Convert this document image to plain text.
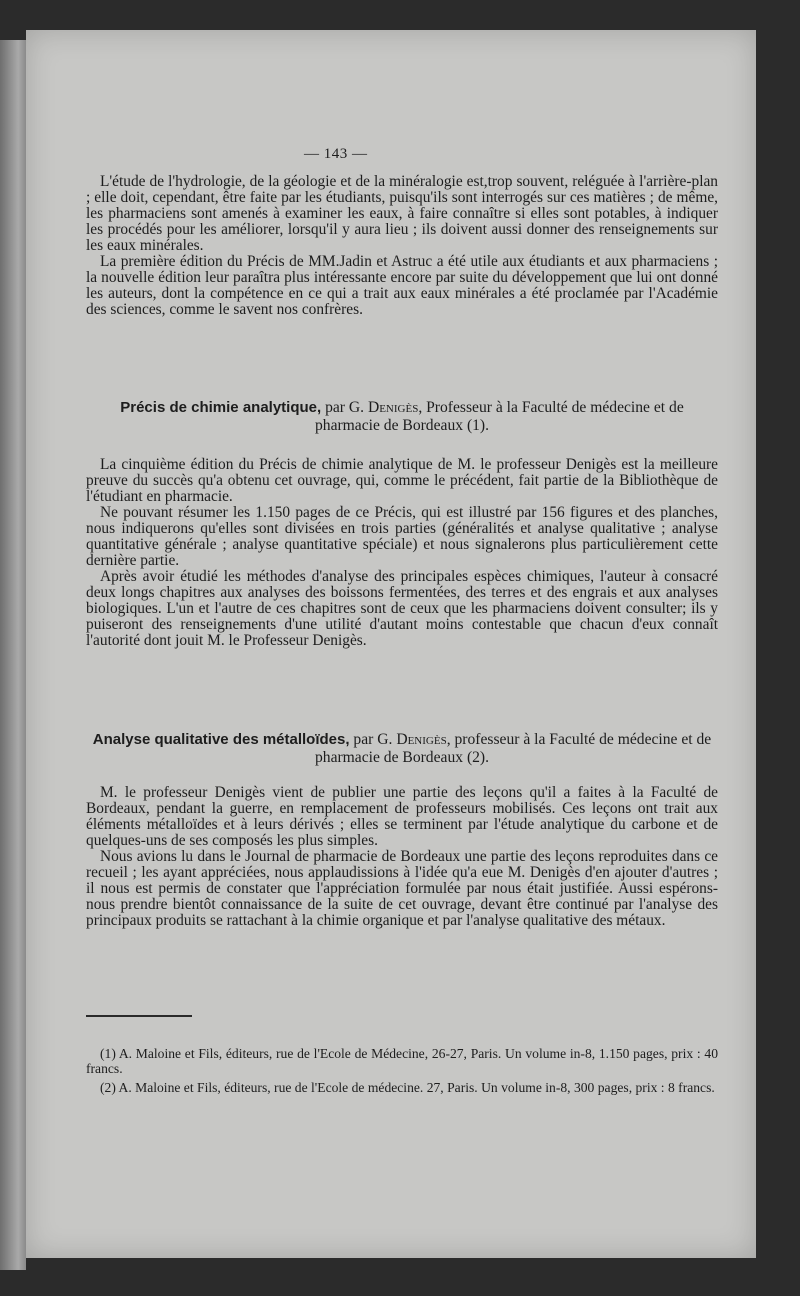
— 143 —

L'étude de l'hydrologie, de la géologie et de la minéralogie est,trop souvent, reléguée à l'arrière-plan ; elle doit, cependant, être faite par les étudiants, puisqu'ils sont interrogés sur ces matières ; de même, les pharmaciens sont amenés à examiner les eaux, à faire connaître si elles sont potables, à indiquer les procédés pour les améliorer, lorsqu'il y aura lieu ; ils doivent aussi donner des renseignements sur les eaux minérales.

La première édition du Précis de MM.Jadin et Astruc a été utile aux étudiants et aux pharmaciens ; la nouvelle édition leur paraîtra plus intéressante encore par suite du développement que lui ont donné les auteurs, dont la compétence en ce qui a trait aux eaux minérales a été proclamée par l'Académie des sciences, comme le savent nos confrères.

Précis de chimie analytique, par G. Denigès, Professeur à la Faculté de médecine et de pharmacie de Bordeaux (1).

La cinquième édition du Précis de chimie analytique de M. le professeur Denigès est la meilleure preuve du succès qu'a obtenu cet ouvrage, qui, comme le précédent, fait partie de la Bibliothèque de l'étudiant en pharmacie.

Ne pouvant résumer les 1.150 pages de ce Précis, qui est illustré par 156 figures et des planches, nous indiquerons qu'elles sont divisées en trois parties (généralités et analyse qualitative ; analyse quantitative générale ; analyse quantitative spéciale) et nous signalerons plus particulièrement cette dernière partie.

Après avoir étudié les méthodes d'analyse des principales espèces chimiques, l'auteur à consacré deux longs chapitres aux analyses des boissons fermentées, des terres et des engrais et aux analyses biologiques. L'un et l'autre de ces chapitres sont de ceux que les pharmaciens doivent consulter; ils y puiseront des renseignements d'une utilité d'autant moins contestable que chacun d'eux connaît l'autorité dont jouit M. le Professeur Denigès.

Analyse qualitative des métalloïdes, par G. Denigès, professeur à la Faculté de médecine et de pharmacie de Bordeaux (2).

M. le professeur Denigès vient de publier une partie des leçons qu'il a faites à la Faculté de Bordeaux, pendant la guerre, en remplacement de professeurs mobilisés. Ces leçons ont trait aux éléments métalloïdes et à leurs dérivés ; elles se terminent par l'étude analytique du carbone et de quelques-uns de ses composés les plus simples.

Nous avions lu dans le Journal de pharmacie de Bordeaux une partie des leçons reproduites dans ce recueil ; les ayant appréciées, nous applaudissions à l'idée qu'a eue M. Denigès d'en ajouter d'autres ; il nous est permis de constater que l'appréciation formulée par nous était justifiée. Aussi espérons-nous prendre bientôt connaissance de la suite de cet ouvrage, devant être continué par l'analyse des principaux produits se rattachant à la chimie organique et par l'analyse qualitative des métaux.

(1) A. Maloine et Fils, éditeurs, rue de l'Ecole de Médecine, 26-27, Paris. Un volume in-8, 1.150 pages, prix : 40 francs.

(2) A. Maloine et Fils, éditeurs, rue de l'Ecole de médecine. 27, Paris. Un volume in-8, 300 pages, prix : 8 francs.
